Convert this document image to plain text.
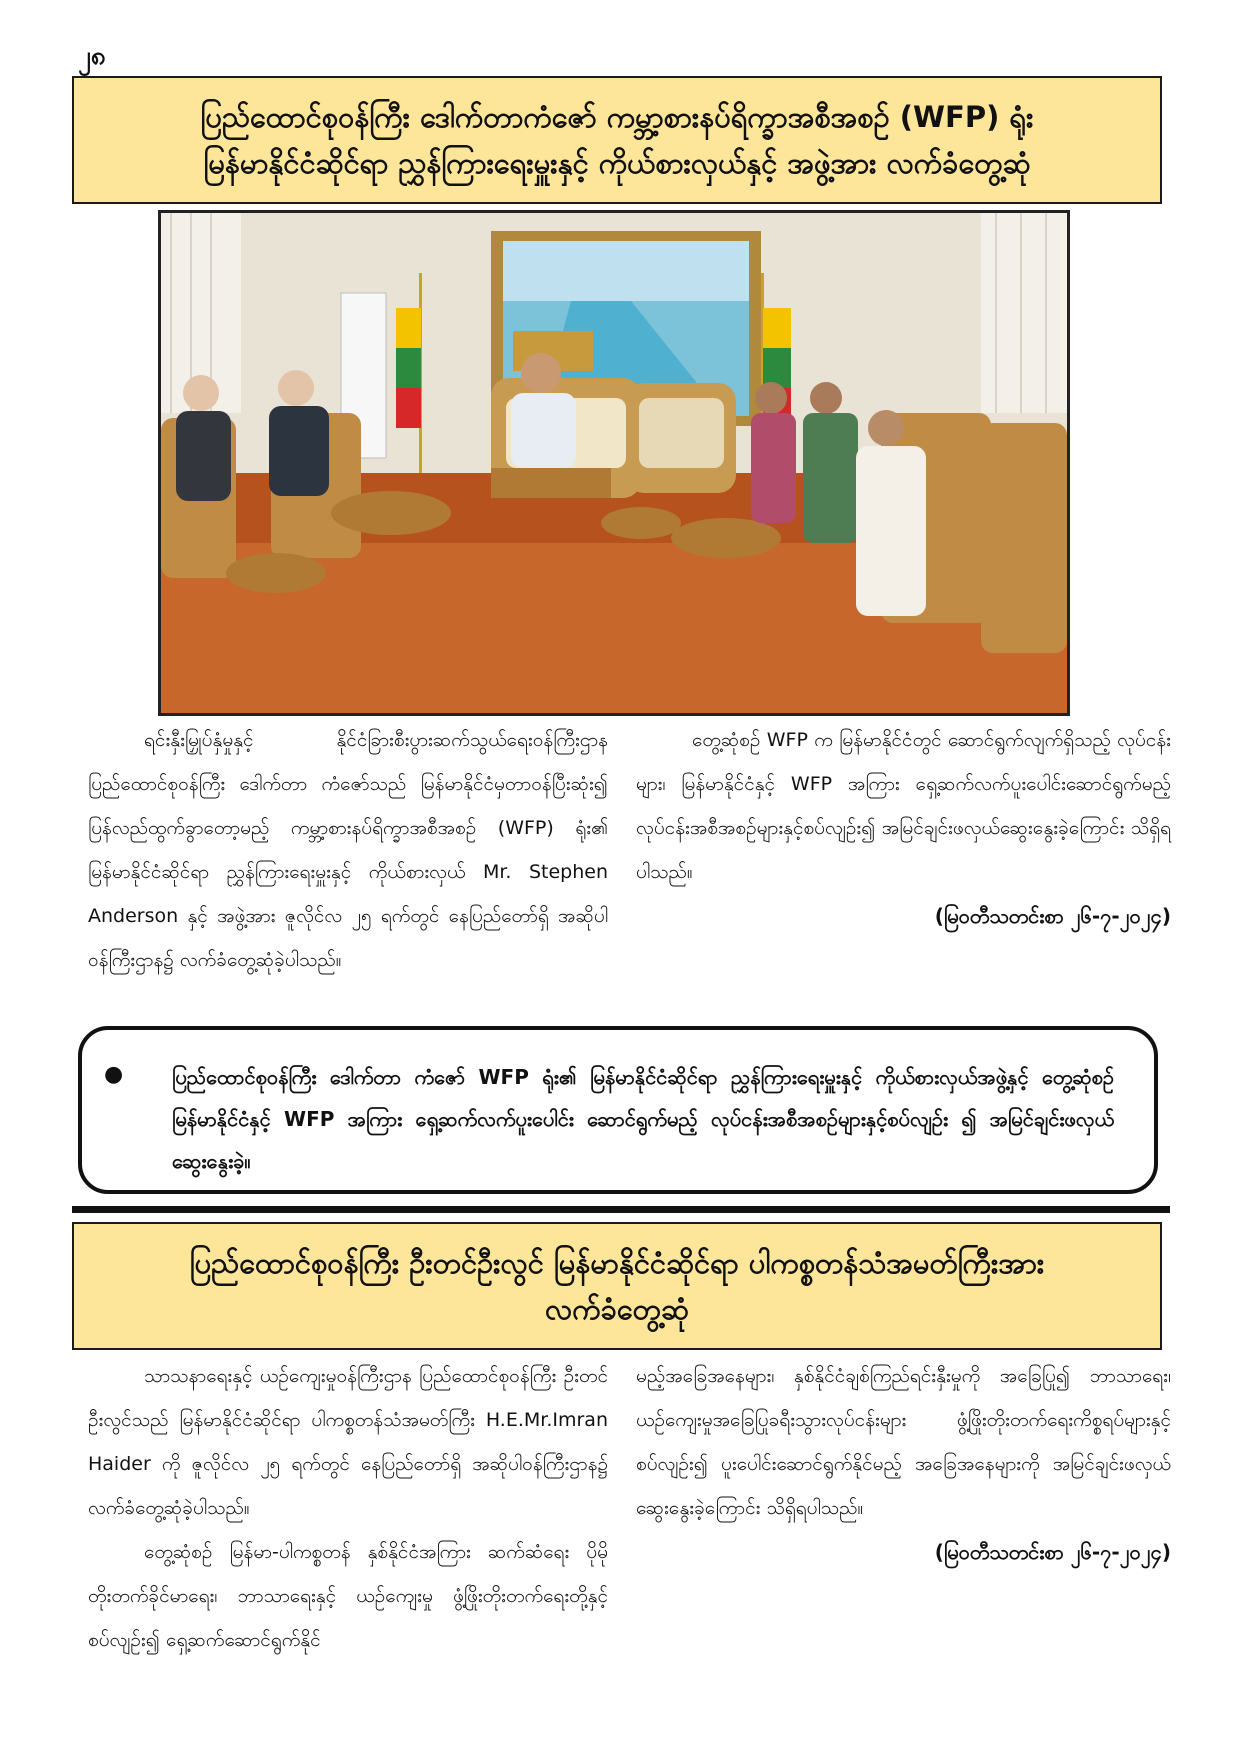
၂၈
ပြည်ထောင်စုဝန်ကြီး ဒေါက်တာကံဇော် ကမ္ဘာ့စားနပ်ရိက္ခာအစီအစဉ် (WFP) ရုံး
မြန်မာနိုင်ငံဆိုင်ရာ ညွှန်ကြားရေးမှူးနှင့် ကိုယ်စားလှယ်နှင့် အဖွဲ့အား လက်ခံတွေ့ဆုံ

ရင်းနှီးမြှုပ်နှံမှုနှင့် နိုင်ငံခြားစီးပွားဆက်သွယ်ရေးဝန်ကြီးဌာန ပြည်ထောင်စုဝန်ကြီး ဒေါက်တာ ကံဇော်သည် မြန်မာနိုင်ငံမှတာဝန်ပြီးဆုံး၍ ပြန်လည်ထွက်ခွာတော့မည့် ကမ္ဘာ့စားနပ်ရိက္ခာအစီအစဉ် (WFP) ရုံး၏ မြန်မာနိုင်ငံဆိုင်ရာ ညွှန်ကြားရေးမှူးနှင့် ကိုယ်စားလှယ် Mr. Stephen Anderson နှင့် အဖွဲ့အား ဇူလိုင်လ ၂၅ ရက်တွင် နေပြည်တော်ရှိ အဆိုပါဝန်ကြီးဌာန၌ လက်ခံတွေ့ဆုံခဲ့ပါသည်။

တွေ့ဆုံစဉ် WFP က မြန်မာနိုင်ငံတွင် ဆောင်ရွက်လျက်ရှိသည့် လုပ်ငန်းများ၊ မြန်မာနိုင်ငံနှင့် WFP အကြား ရှေ့ဆက်လက်ပူးပေါင်းဆောင်ရွက်မည့် လုပ်ငန်းအစီအစဉ်များနှင့်စပ်လျဉ်း၍ အမြင်ချင်းဖလှယ်ဆွေးနွေးခဲ့ကြောင်း သိရှိရပါသည်။

(မြဝတီသတင်းစာ ၂၆-၇-၂၀၂၄)

●	ပြည်ထောင်စုဝန်ကြီး ဒေါက်တာ ကံဇော် WFP ရုံး၏ မြန်မာနိုင်ငံဆိုင်ရာ ညွှန်ကြားရေးမှူးနှင့် ကိုယ်စားလှယ်အဖွဲ့နှင့် တွေ့ဆုံစဉ် မြန်မာနိုင်ငံနှင့် WFP အကြား ရှေ့ဆက်လက်ပူးပေါင်း ဆောင်ရွက်မည့် လုပ်ငန်းအစီအစဉ်များနှင့်စပ်လျဉ်း ၍ အမြင်ချင်းဖလှယ်ဆွေးနွေးခဲ့။
ပြည်ထောင်စုဝန်ကြီး ဦးတင်ဦးလွင် မြန်မာနိုင်ငံဆိုင်ရာ ပါကစ္စတန်သံအမတ်ကြီးအား
လက်ခံတွေ့ဆုံ

သာသနာရေးနှင့် ယဉ်ကျေးမှုဝန်ကြီးဌာန ပြည်ထောင်စုဝန်ကြီး ဦးတင်ဦးလွင်သည် မြန်မာနိုင်ငံဆိုင်ရာ ပါကစ္စတန်သံအမတ်ကြီး H.E.Mr.Imran Haider ကို ဇူလိုင်လ ၂၅ ရက်တွင် နေပြည်တော်ရှိ အဆိုပါဝန်ကြီးဌာန၌ လက်ခံတွေ့ဆုံခဲ့ပါသည်။

တွေ့ဆုံစဉ် မြန်မာ-ပါကစ္စတန် နှစ်နိုင်ငံအကြား ဆက်ဆံရေး ပိုမိုတိုးတက်ခိုင်မာရေး၊ ဘာသာရေးနှင့် ယဉ်ကျေးမှု ဖွံ့ဖြိုးတိုးတက်ရေးတို့နှင့်စပ်လျဉ်း၍ ရှေ့ဆက်ဆောင်ရွက်နိုင်

မည့်အခြေအနေများ၊ နှစ်နိုင်ငံချစ်ကြည်ရင်းနှီးမှုကို အခြေပြု၍ ဘာသာရေး၊ ယဉ်ကျေးမှုအခြေပြုခရီးသွားလုပ်ငန်းများ ဖွံ့ဖြိုးတိုးတက်ရေးကိစ္စရပ်များနှင့်စပ်လျဉ်း၍ ပူးပေါင်းဆောင်ရွက်နိုင်မည့် အခြေအနေများကို အမြင်ချင်းဖလှယ် ဆွေးနွေးခဲ့ကြောင်း သိရှိရပါသည်။

(မြဝတီသတင်းစာ ၂၆-၇-၂၀၂၄)
